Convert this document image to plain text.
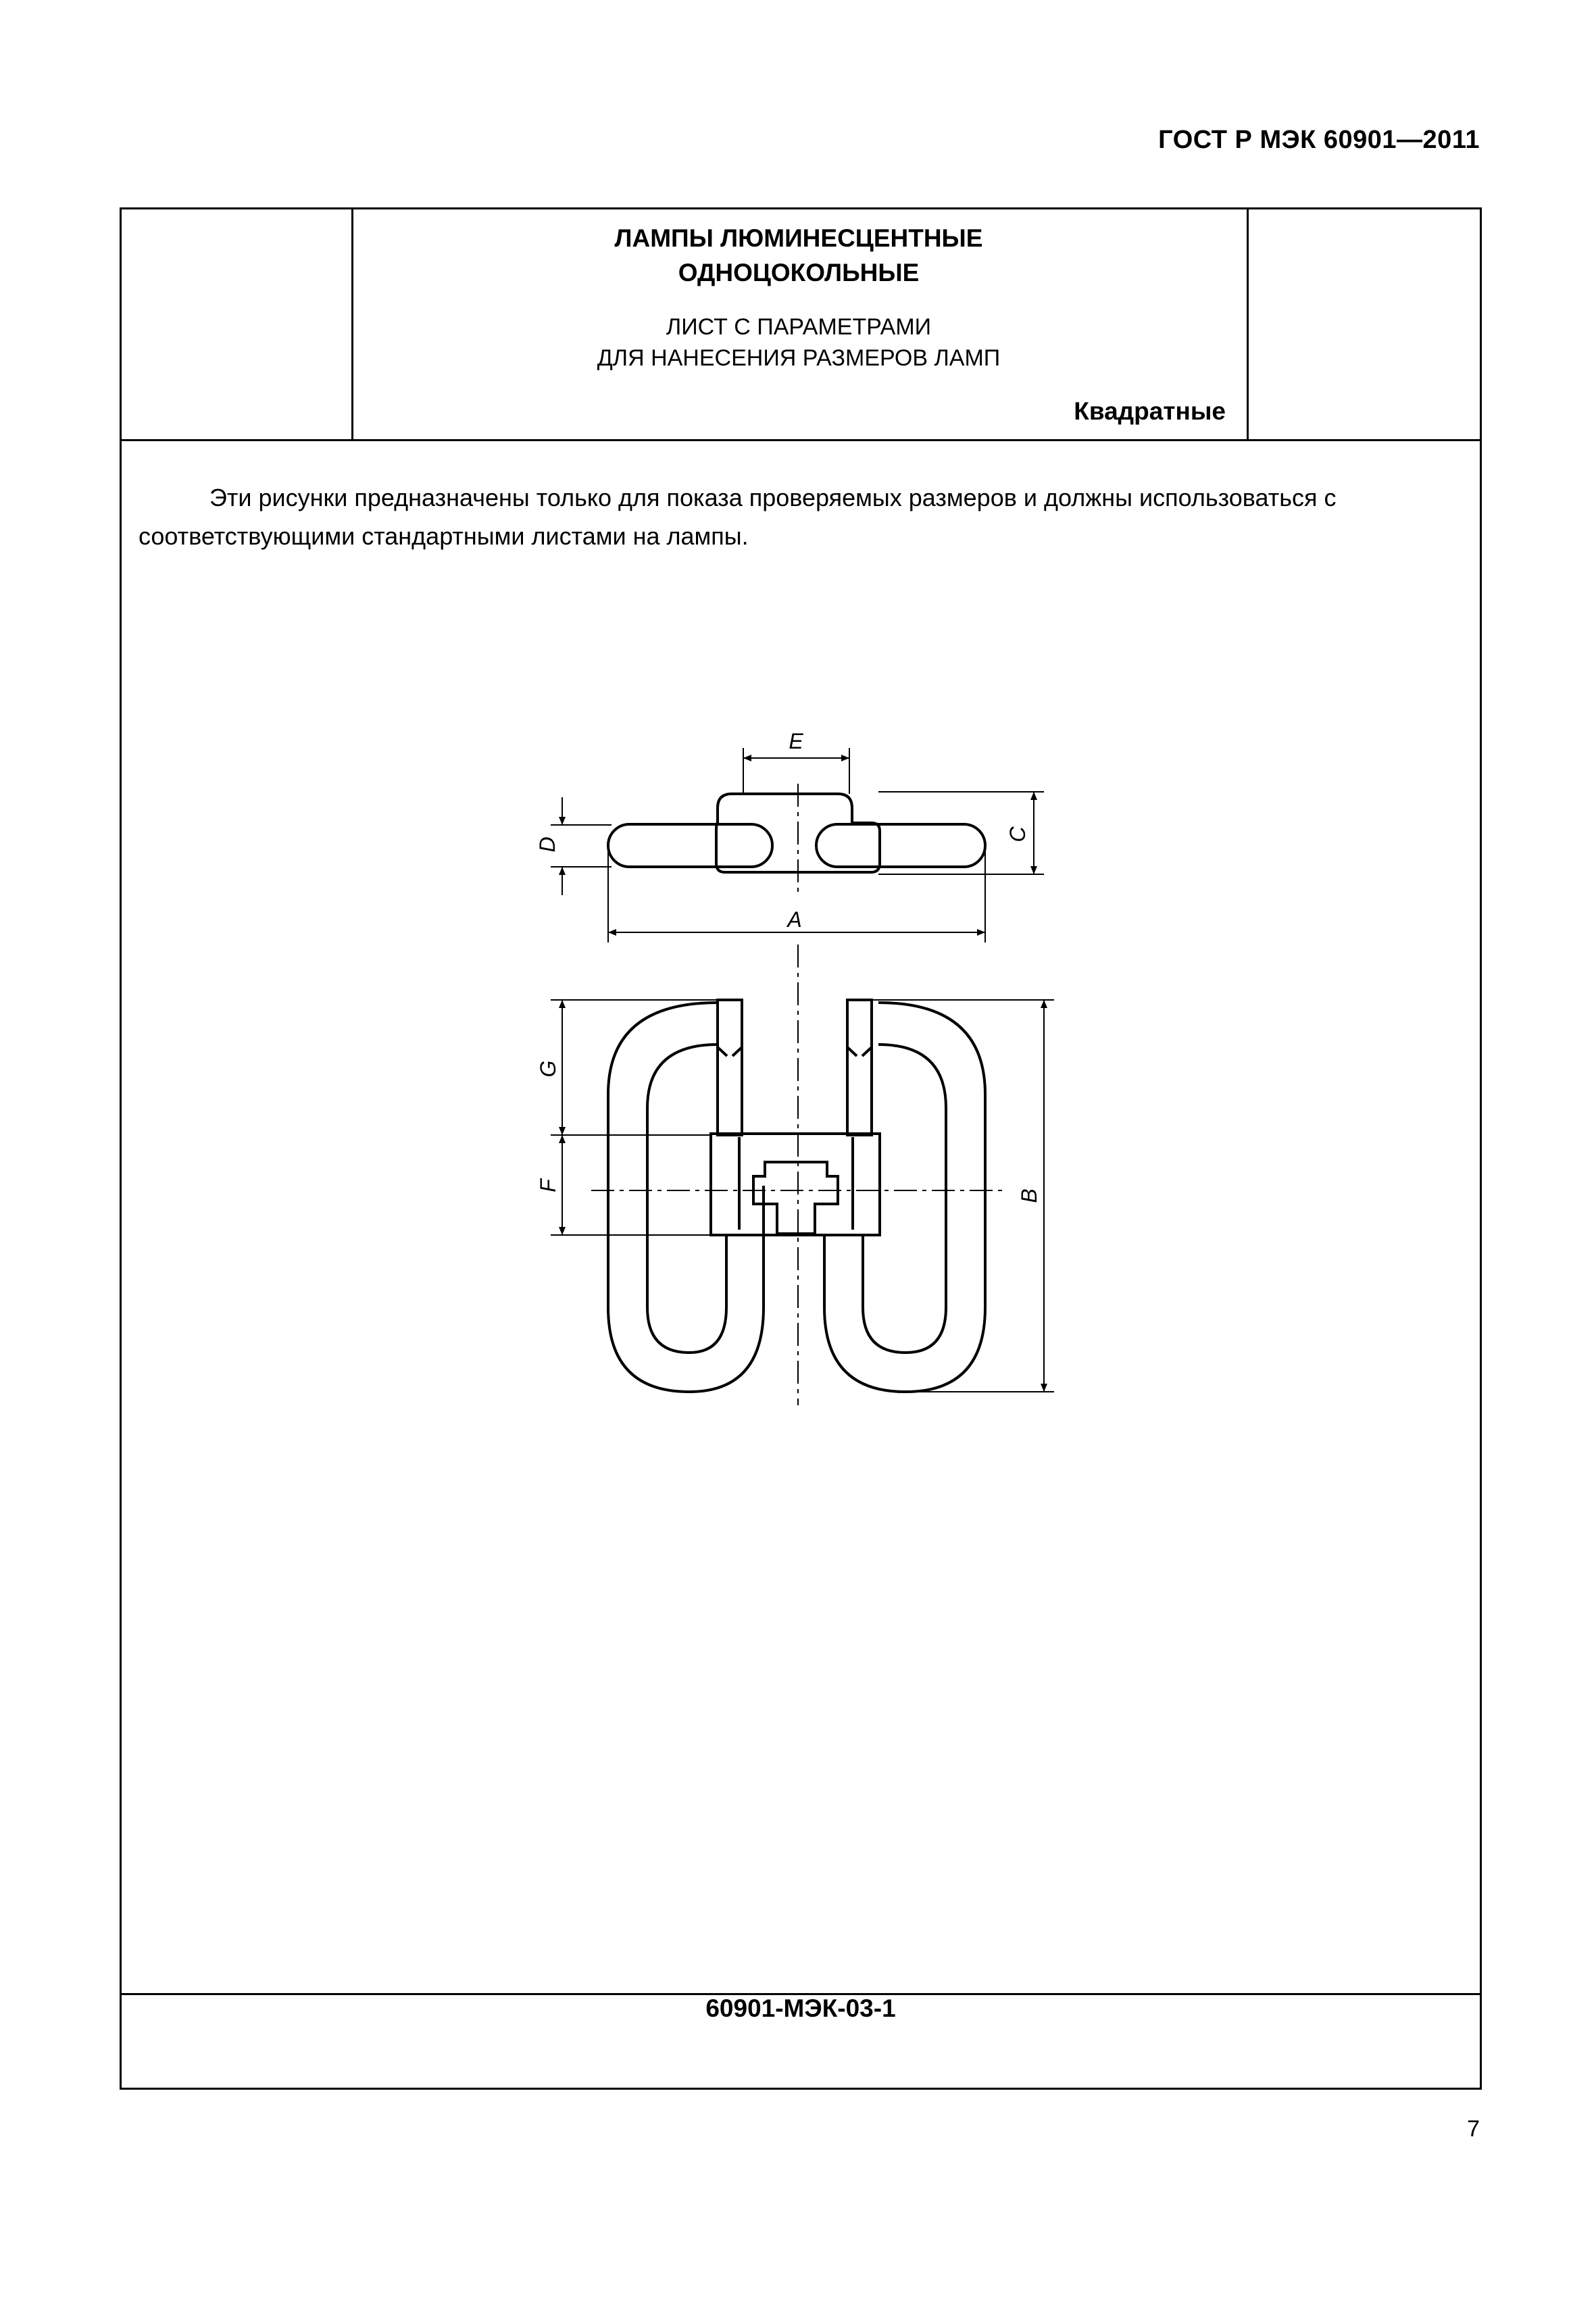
ГОСТ Р МЭК 60901—2011
ЛАМПЫ ЛЮМИНЕСЦЕНТНЫЕ
ОДНОЦОКОЛЬНЫЕ
ЛИСТ С ПАРАМЕТРАМИ
ДЛЯ НАНЕСЕНИЯ РАЗМЕРОВ ЛАМП
Квадратные
Эти рисунки предназначены только для показа проверяемых размеров и должны использоваться с соответствующими стандартными листами на лампы.
E
A
C
D
G
F
B
60901-МЭК-03-1
7
